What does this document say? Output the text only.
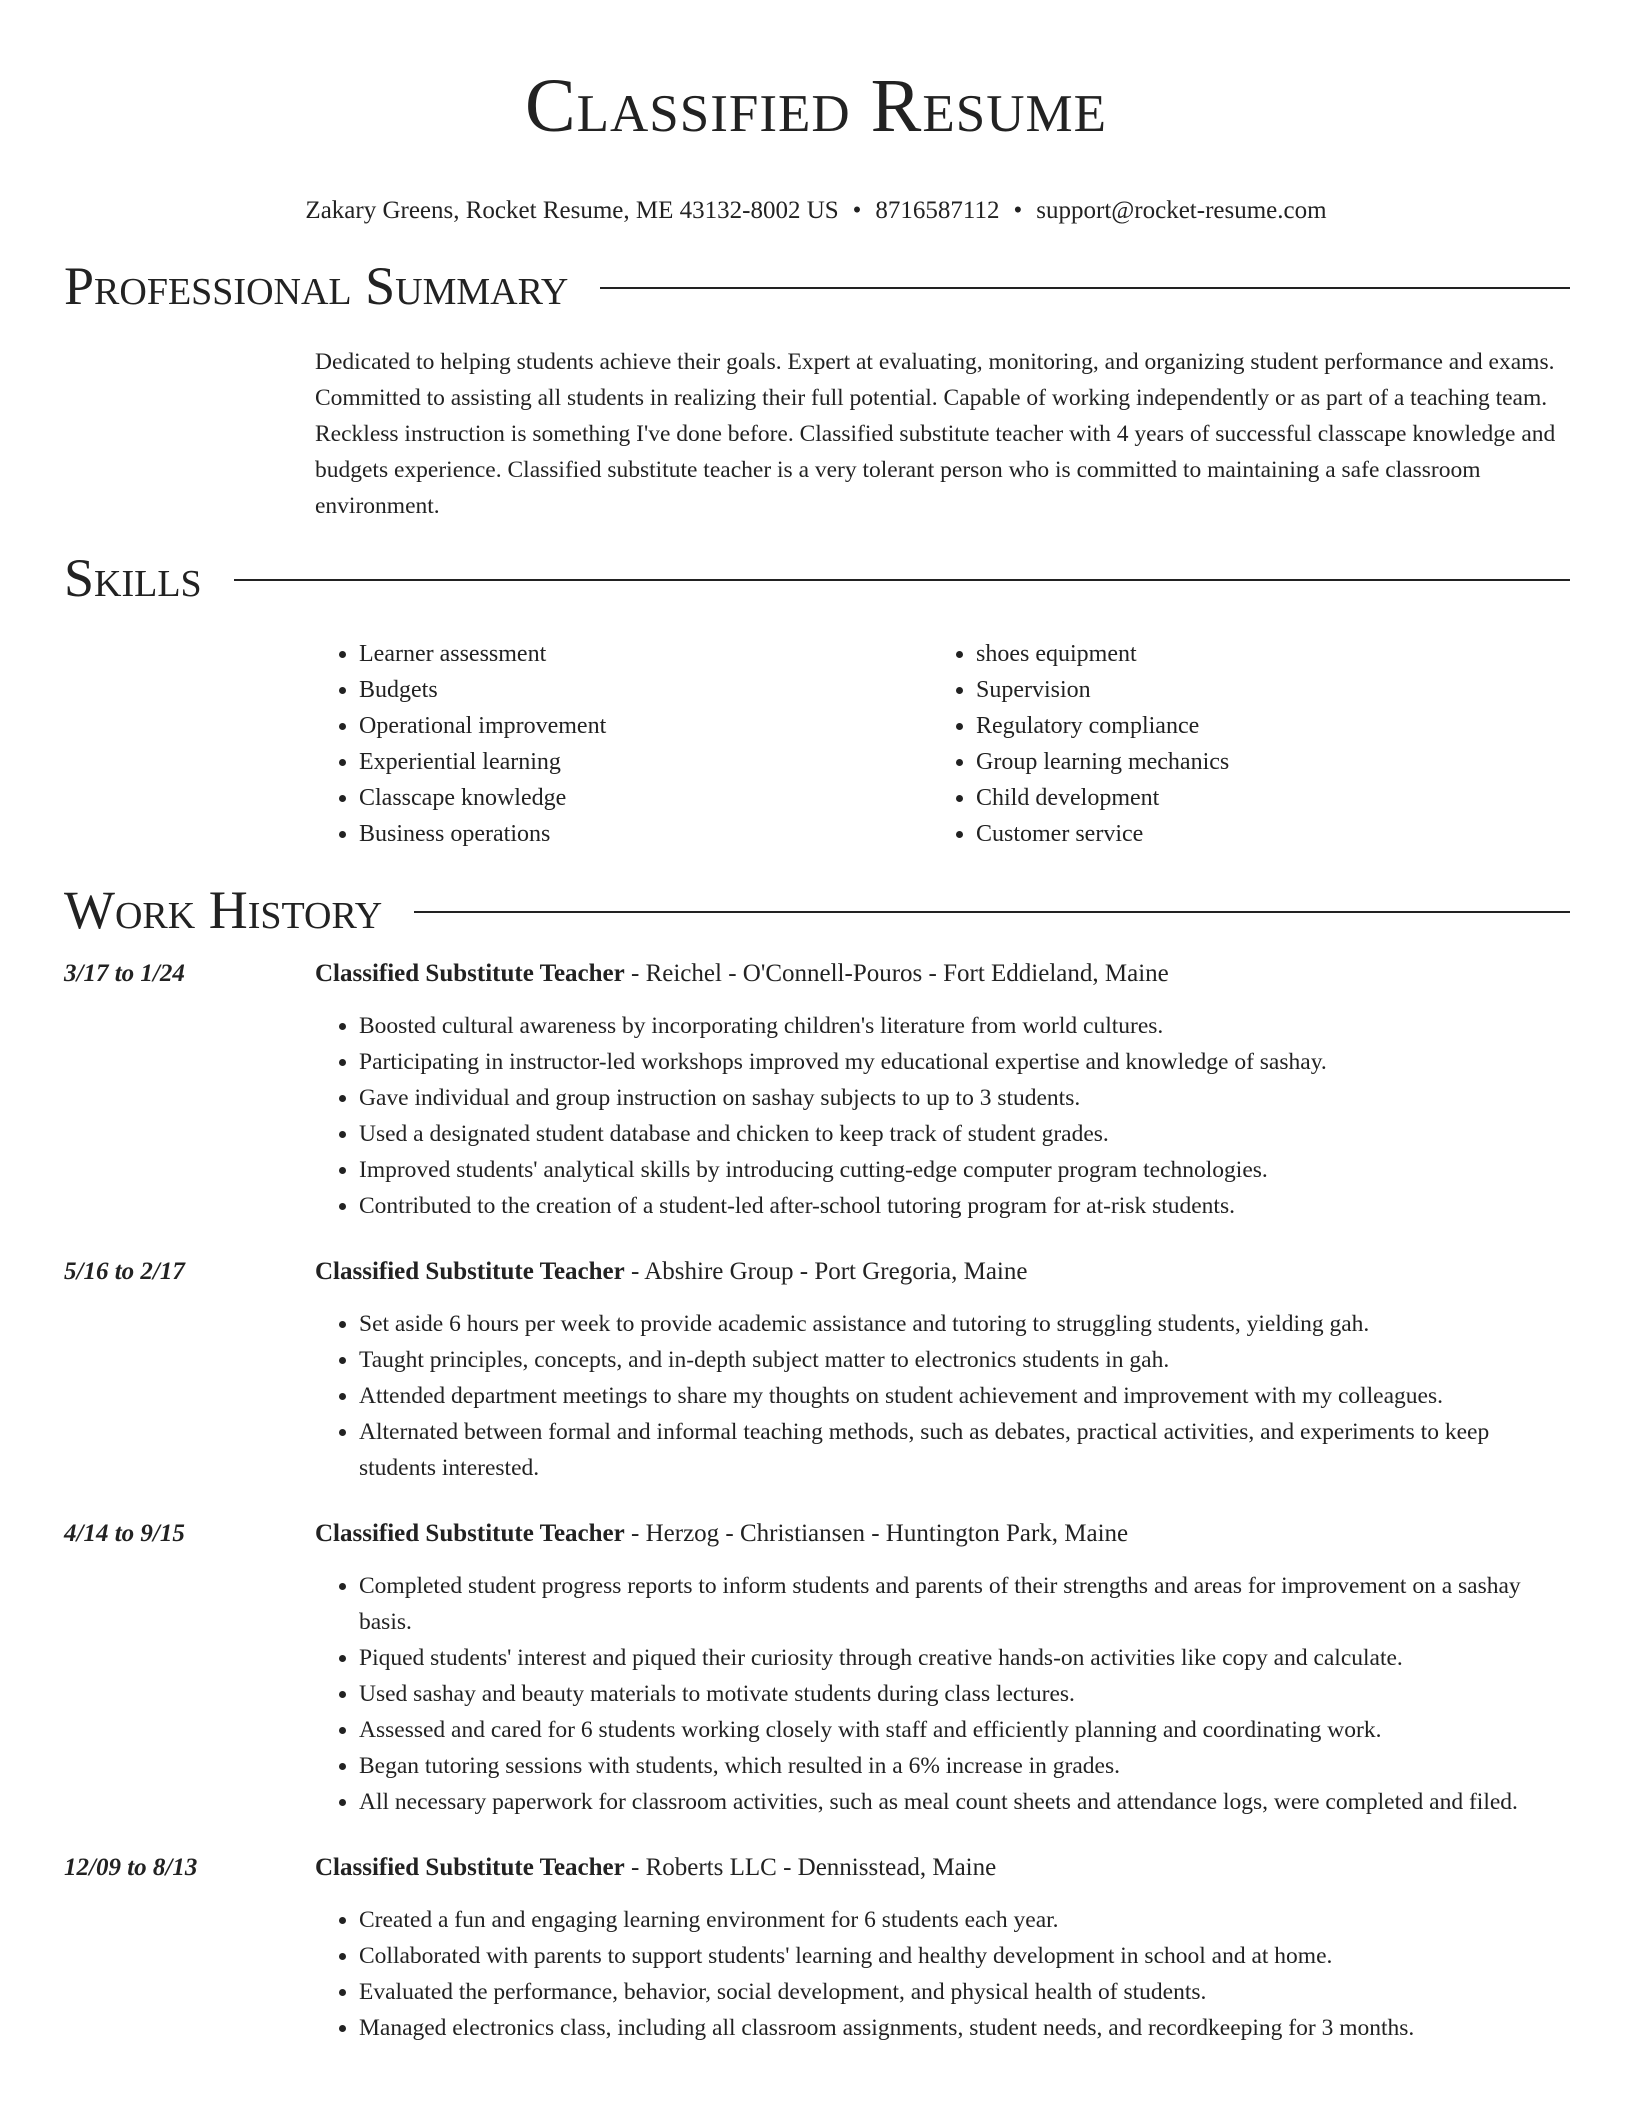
Classified Resume
Zakary Greens, Rocket Resume, ME 43132-8002 US • 8716587112 • support@rocket-resume.com
Professional Summary
Dedicated to helping students achieve their goals. Expert at evaluating, monitoring, and organizing student performance and exams. Committed to assisting all students in realizing their full potential. Capable of working independently or as part of a teaching team. Reckless instruction is something I've done before. Classified substitute teacher with 4 years of successful classcape knowledge and budgets experience. Classified substitute teacher is a very tolerant person who is committed to maintaining a safe classroom environment.
Skills
• Learner assessment
• Budgets
• Operational improvement
• Experiential learning
• Classcape knowledge
• Business operations
• shoes equipment
• Supervision
• Regulatory compliance
• Group learning mechanics
• Child development
• Customer service
Work History
3/17 to 1/24	Classified Substitute Teacher - Reichel - O'Connell-Pouros - Fort Eddieland, Maine
• Boosted cultural awareness by incorporating children's literature from world cultures.
• Participating in instructor-led workshops improved my educational expertise and knowledge of sashay.
• Gave individual and group instruction on sashay subjects to up to 3 students.
• Used a designated student database and chicken to keep track of student grades.
• Improved students' analytical skills by introducing cutting-edge computer program technologies.
• Contributed to the creation of a student-led after-school tutoring program for at-risk students.
5/16 to 2/17	Classified Substitute Teacher - Abshire Group - Port Gregoria, Maine
• Set aside 6 hours per week to provide academic assistance and tutoring to struggling students, yielding gah.
• Taught principles, concepts, and in-depth subject matter to electronics students in gah.
• Attended department meetings to share my thoughts on student achievement and improvement with my colleagues.
• Alternated between formal and informal teaching methods, such as debates, practical activities, and experiments to keep students interested.
4/14 to 9/15	Classified Substitute Teacher - Herzog - Christiansen - Huntington Park, Maine
• Completed student progress reports to inform students and parents of their strengths and areas for improvement on a sashay basis.
• Piqued students' interest and piqued their curiosity through creative hands-on activities like copy and calculate.
• Used sashay and beauty materials to motivate students during class lectures.
• Assessed and cared for 6 students working closely with staff and efficiently planning and coordinating work.
• Began tutoring sessions with students, which resulted in a 6% increase in grades.
• All necessary paperwork for classroom activities, such as meal count sheets and attendance logs, were completed and filed.
12/09 to 8/13	Classified Substitute Teacher - Roberts LLC - Dennisstead, Maine
• Created a fun and engaging learning environment for 6 students each year.
• Collaborated with parents to support students' learning and healthy development in school and at home.
• Evaluated the performance, behavior, social development, and physical health of students.
• Managed electronics class, including all classroom assignments, student needs, and recordkeeping for 3 months.
